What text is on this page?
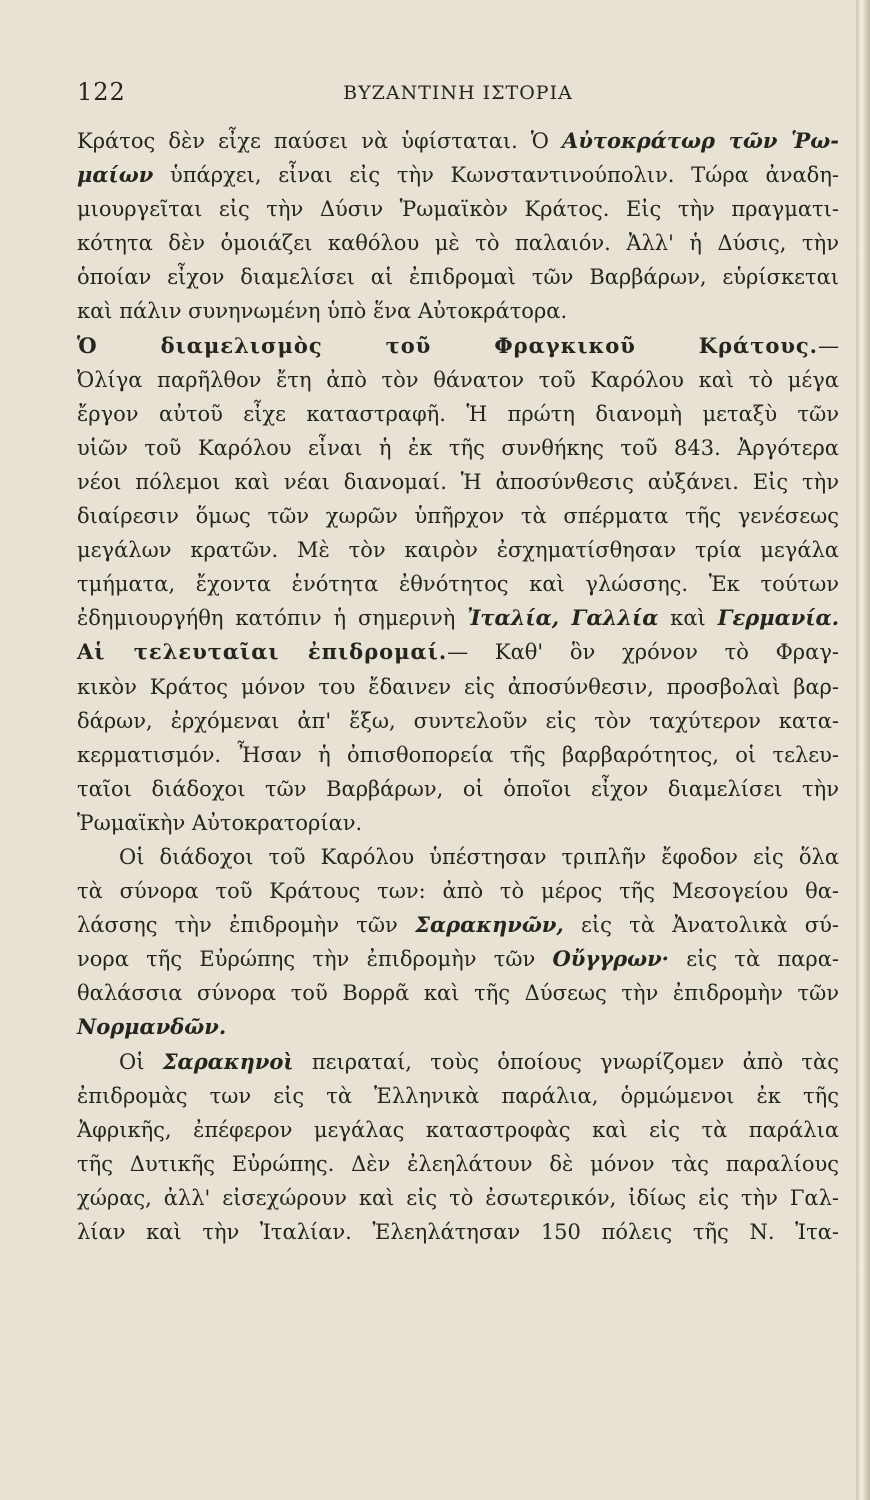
122	ΒΥΖΑΝΤΙΝΗ ΙΣΤΟΡΙΑ
Κράτος δὲν εἶχε παύσει νὰ ὑφίσταται. Ὁ Αὐτοκράτωρ τῶν Ῥω-
μαίων ὑπάρχει, εἶναι εἰς τὴν Κωνσταντινούπολιν. Τώρα ἀναδη-
μιουργεῖται εἰς τὴν Δύσιν Ῥωμαϊκὸν Κράτος. Εἰς τὴν πραγματι-
κότητα δὲν ὁμοιάζει καθόλου μὲ τὸ παλαιόν. Ἀλλ' ἡ Δύσις, τὴν
ὁποίαν εἶχον διαμελίσει αἱ ἐπιδρομαὶ τῶν Βαρβάρων, εὑρίσκεται
καὶ πάλιν συνηνωμένη ὑπὸ ἕνα Αὐτοκράτορα.
Ὁ διαμελισμὸς τοῦ Φραγκικοῦ Κράτους.—
Ὀλίγα παρῆλθον ἔτη ἀπὸ τὸν θάνατον τοῦ Καρόλου καὶ τὸ μέγα
ἔργον αὐτοῦ εἶχε καταστραφῆ. Ἡ πρώτη διανομὴ μεταξὺ τῶν
υἱῶν τοῦ Καρόλου εἶναι ἡ ἐκ τῆς συνθήκης τοῦ 843. Ἀργότερα
νέοι πόλεμοι καὶ νέαι διανομαί. Ἡ ἀποσύνθεσις αὐξάνει. Εἰς τὴν
διαίρεσιν ὅμως τῶν χωρῶν ὑπῆρχον τὰ σπέρματα τῆς γενέσεως
μεγάλων κρατῶν. Μὲ τὸν καιρὸν ἐσχηματίσθησαν τρία μεγάλα
τμήματα, ἔχοντα ἑνότητα ἐθνότητος καὶ γλώσσης. Ἐκ τούτων
ἐδημιουργήθη κατόπιν ἡ σημερινὴ Ἰταλία, Γαλλία καὶ Γερμανία.
Αἱ τελευταῖαι ἐπιδρομαί.— Καθ' ὃν χρόνον τὸ Φραγ-
κικὸν Κράτος μόνον του ἔδαινεν εἰς ἀποσύνθεσιν, προσβολαὶ βαρ-
δάρων, ἐρχόμεναι ἀπ' ἔξω, συντελοῦν εἰς τὸν ταχύτερον κατα-
κερματισμόν. Ἦσαν ἡ ὀπισθοπορεία τῆς βαρβαρότητος, οἱ τελευ-
ταῖοι διάδοχοι τῶν Βαρβάρων, οἱ ὁποῖοι εἶχον διαμελίσει τὴν
Ῥωμαϊκὴν Αὐτοκρατορίαν.
Οἱ διάδοχοι τοῦ Καρόλου ὑπέστησαν τριπλῆν ἔφοδον εἰς ὅλα
τὰ σύνορα τοῦ Κράτους των: ἀπὸ τὸ μέρος τῆς Μεσογείου θα-
λάσσης τὴν ἐπιδρομὴν τῶν Σαρακηνῶν, εἰς τὰ Ἀνατολικὰ σύ-
νορα τῆς Εὐρώπης τὴν ἐπιδρομὴν τῶν Οὔγγρων· εἰς τὰ παρα-
θαλάσσια σύνορα τοῦ Βορρᾶ καὶ τῆς Δύσεως τὴν ἐπιδρομὴν τῶν
Νορμανδῶν.
Οἱ Σαρακηνοὶ πειραταί, τοὺς ὁποίους γνωρίζομεν ἀπὸ τὰς
ἐπιδρομὰς των εἰς τὰ Ἑλληνικὰ παράλια, ὁρμώμενοι ἐκ τῆς
Ἀφρικῆς, ἐπέφερον μεγάλας καταστροφὰς καὶ εἰς τὰ παράλια
τῆς Δυτικῆς Εὐρώπης. Δὲν ἐλεηλάτουν δὲ μόνον τὰς παραλίους
χώρας, ἀλλ' εἰσεχώρουν καὶ εἰς τὸ ἐσωτερικόν, ἰδίως εἰς τὴν Γαλ-
λίαν καὶ τὴν Ἰταλίαν. Ἐλεηλάτησαν 150 πόλεις τῆς Ν. Ἰτα-
